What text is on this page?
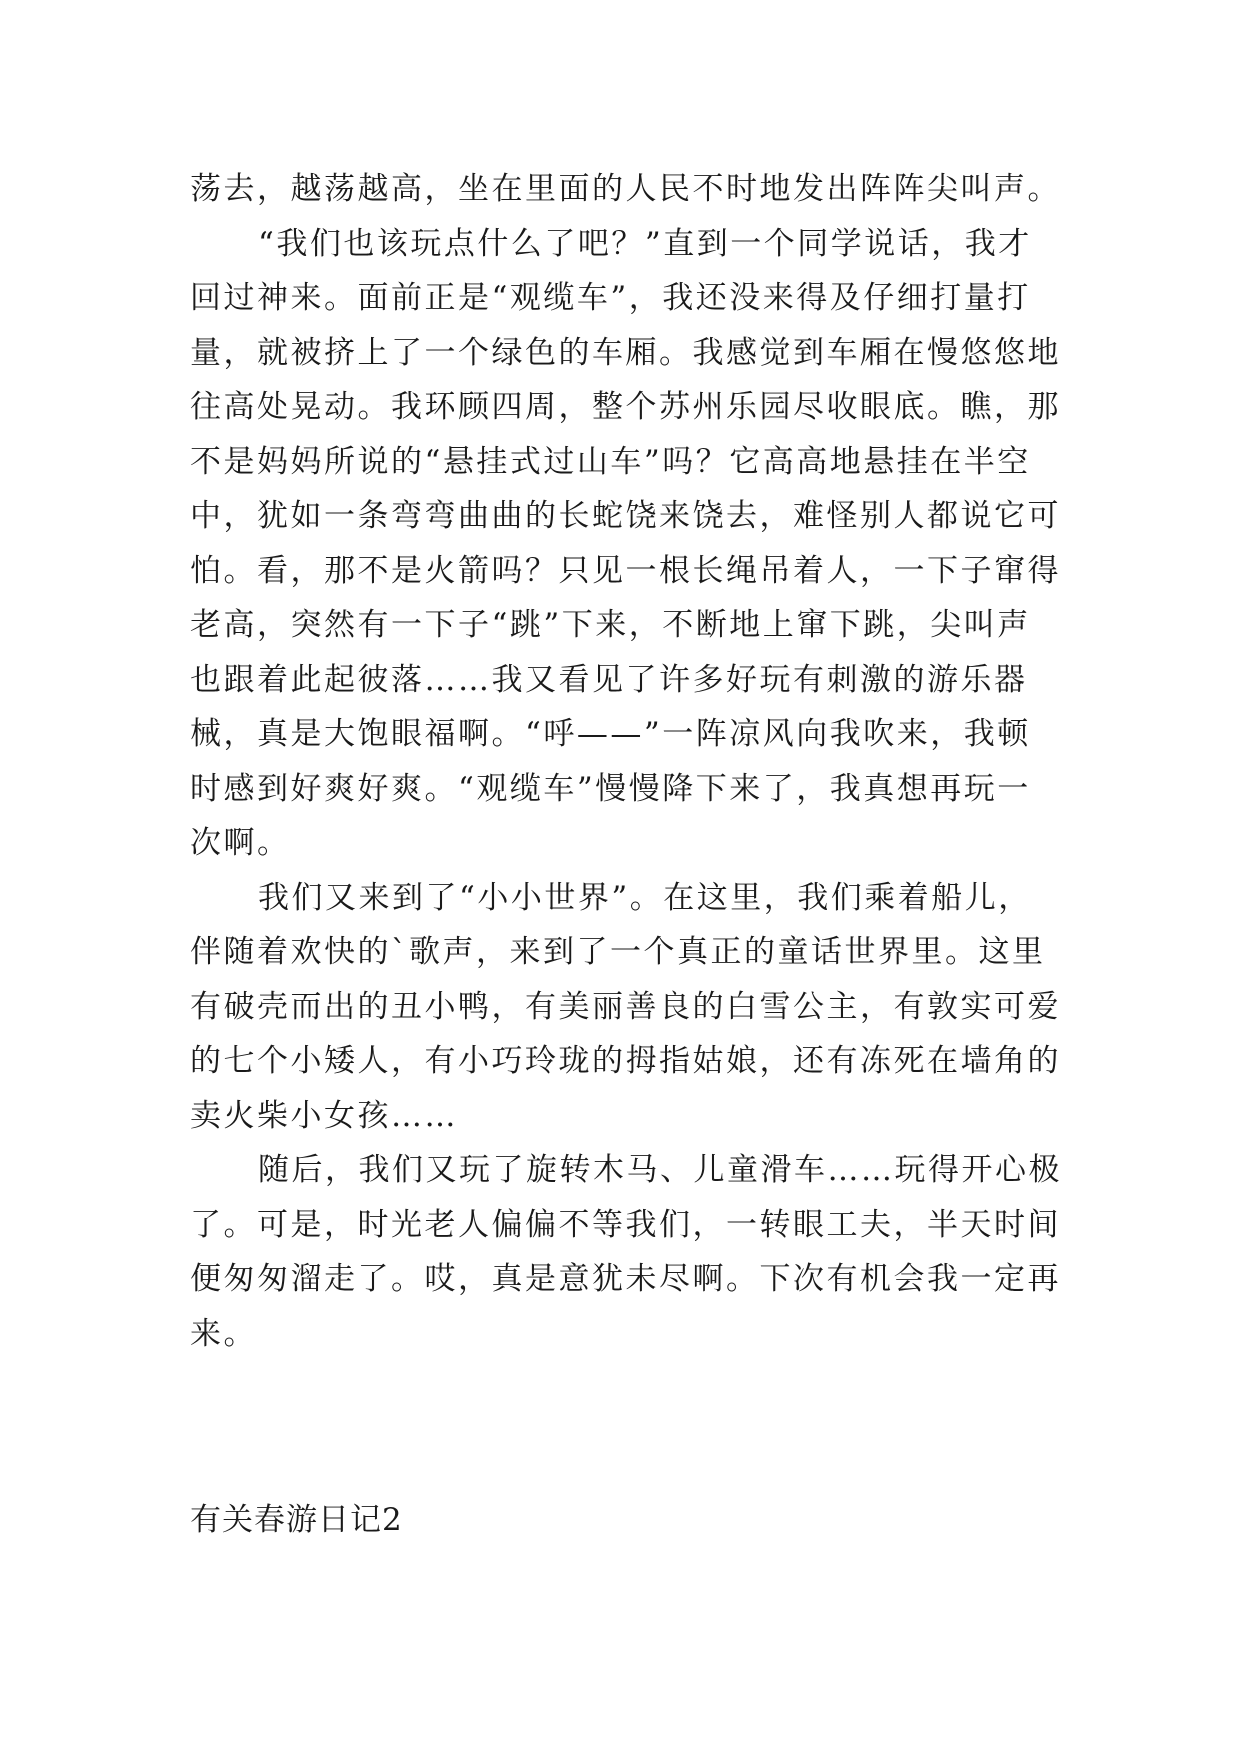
荡去，越荡越高，坐在里面的人民不时地发出阵阵尖叫声。
“我们也该玩点什么了吧？”直到一个同学说话，我才
回过神来。面前正是“观缆车”，我还没来得及仔细打量打
量，就被挤上了一个绿色的车厢。我感觉到车厢在慢悠悠地
往高处晃动。我环顾四周，整个苏州乐园尽收眼底。瞧，那
不是妈妈所说的“悬挂式过山车”吗？它高高地悬挂在半空
中，犹如一条弯弯曲曲的长蛇饶来饶去，难怪别人都说它可
怕。看，那不是火箭吗？只见一根长绳吊着人，一下子窜得
老高，突然有一下子“跳”下来，不断地上窜下跳，尖叫声
也跟着此起彼落……我又看见了许多好玩有刺激的游乐器
械，真是大饱眼福啊。“呼——”一阵凉风向我吹来，我顿
时感到好爽好爽。“观缆车”慢慢降下来了，我真想再玩一
次啊。
我们又来到了“小小世界”。在这里，我们乘着船儿，
伴随着欢快的`歌声，来到了一个真正的童话世界里。这里
有破壳而出的丑小鸭，有美丽善良的白雪公主，有敦实可爱
的七个小矮人，有小巧玲珑的拇指姑娘，还有冻死在墙角的
卖火柴小女孩……
随后，我们又玩了旋转木马、儿童滑车……玩得开心极
了。可是，时光老人偏偏不等我们，一转眼工夫，半天时间
便匆匆溜走了。哎，真是意犹未尽啊。下次有机会我一定再
来。
有关春游日记2
